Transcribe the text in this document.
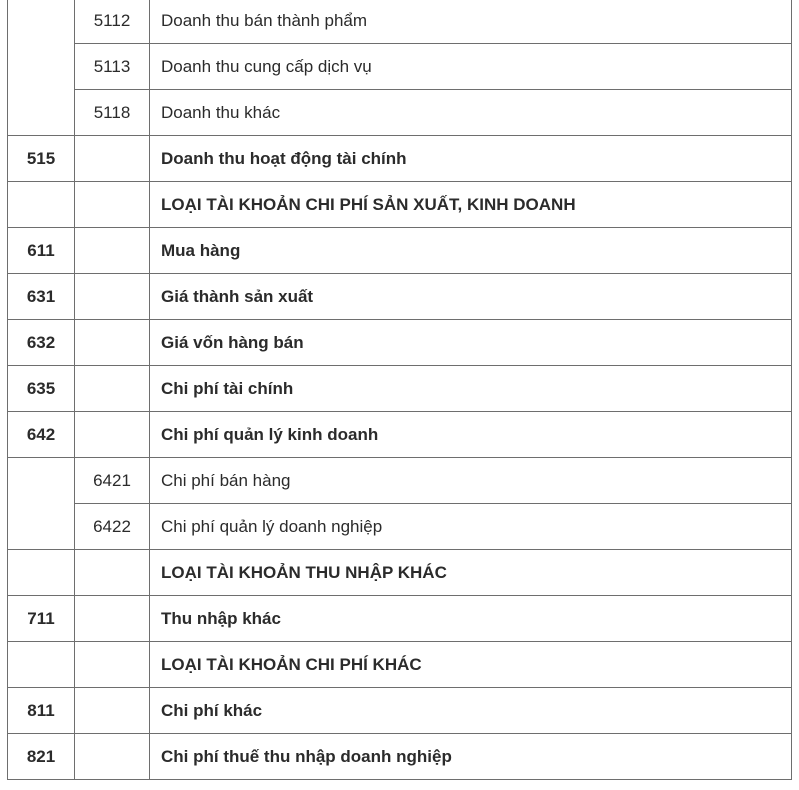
	5112	Doanh thu bán thành phẩm
	5113	Doanh thu cung cấp dịch vụ
	5118	Doanh thu khác
515		Doanh thu hoạt động tài chính
		LOẠI TÀI KHOẢN CHI PHÍ SẢN XUẤT, KINH DOANH
611		Mua hàng
631		Giá thành sản xuất
632		Giá vốn hàng bán
635		Chi phí tài chính
642		Chi phí quản lý kinh doanh
	6421	Chi phí bán hàng
	6422	Chi phí quản lý doanh nghiệp
		LOẠI TÀI KHOẢN THU NHẬP KHÁC
711		Thu nhập khác
		LOẠI TÀI KHOẢN CHI PHÍ KHÁC
811		Chi phí khác
821		Chi phí thuế thu nhập doanh nghiệp
